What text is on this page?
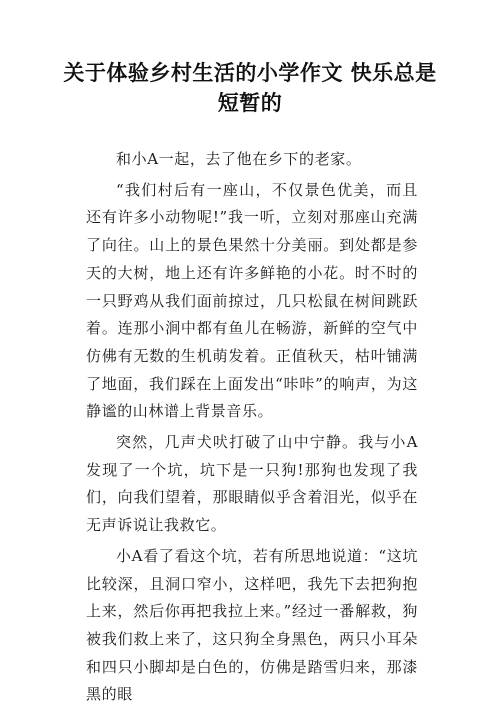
关于体验乡村生活的小学作文 快乐总是短暂的

和小A一起，去了他在乡下的老家。

“我们村后有一座山，不仅景色优美，而且还有许多小动物呢!”我一听，立刻对那座山充满了向往。山上的景色果然十分美丽。到处都是参天的大树，地上还有许多鲜艳的小花。时不时的一只野鸡从我们面前掠过，几只松鼠在树间跳跃着。连那小涧中都有鱼儿在畅游，新鲜的空气中仿佛有无数的生机萌发着。正值秋天，枯叶铺满了地面，我们踩在上面发出“咔咔”的响声，为这静谧的山林谱上背景音乐。

突然，几声犬吠打破了山中宁静。我与小A发现了一个坑，坑下是一只狗!那狗也发现了我们，向我们望着，那眼睛似乎含着泪光，似乎在无声诉说让我救它。

小A看了看这个坑，若有所思地说道：“这坑比较深，且洞口窄小，这样吧，我先下去把狗抱上来，然后你再把我拉上来。”经过一番解救，狗被我们救上来了，这只狗全身黑色，两只小耳朵和四只小脚却是白色的，仿佛是踏雪归来，那漆黑的眼
